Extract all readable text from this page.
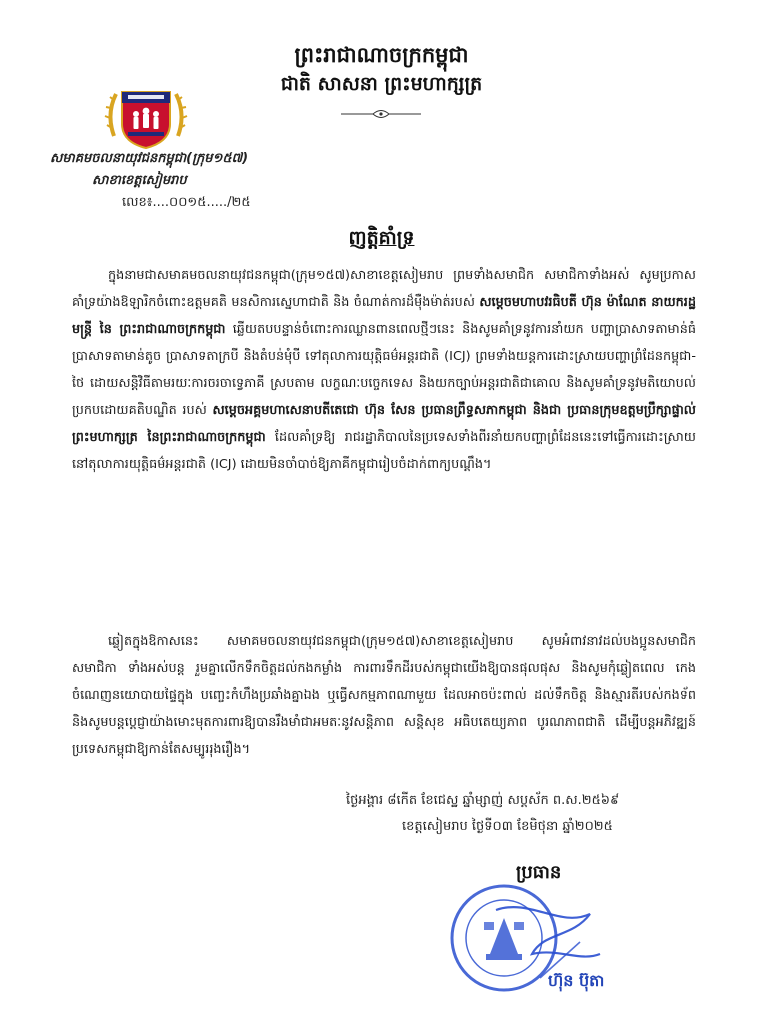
ព្រះរាជាណាចក្រកម្ពុជា
ជាតិ សាសនា ព្រះមហាក្សត្រ
សមាគមចលនាយុវជនកម្ពុជា(ក្រុម១៥៧)
សាខាខេត្តសៀមរាប
លេខ៖....០០១៥...../២៥
ញត្តិគាំទ្រ
ក្នុងនាមជាសមាគមចលនាយុវជនកម្ពុជា(ក្រុម១៥៧)សាខាខេត្តសៀមរាប ព្រមទាំងសមាជិក សមាជិកាទាំងអស់ សូមប្រកាសគាំទ្រយ៉ាងឱឡារិកចំពោះឧត្តមគតិ មនសិការស្នេហាជាតិ និង ចំណាត់ការដ៏ម៉ឺងម៉ាត់របស់ សម្តេចមហាបវរធិបតី ហ៊ុន ម៉ាណែត នាយករដ្ឋមន្ត្រី នៃ ព្រះរាជាណាចក្រកម្ពុជា ឆ្លើយតបបន្ទាន់ចំពោះការឈ្លានពានពេលថ្មីៗនេះ និងសូមគាំទ្រនូវការនាំយក បញ្ហាប្រាសាទតាមាន់ធំ ប្រាសាទតាមាន់តូច ប្រាសាទតាក្របី និងតំបន់មុំបី ទៅតុលាការយុត្តិធម៌អន្តរជាតិ (ICJ) ព្រមទាំងយន្តការដោះស្រាយបញ្ហាព្រំដែនកម្ពុជា-ថៃ ដោយសន្តិវិធីតាមរយៈការចរចាទ្វេភាគី ស្របតាម លក្ខណៈបច្ចេកទេស និងយកច្បាប់អន្តរជាតិជាគោល និងសូមគាំទ្រនូវមតិយោបល់ប្រកបដោយគតិបណ្ឌិត របស់ សម្តេចអគ្គមហាសេនាបតីតេជោ ហ៊ុន សែន ប្រធានព្រឹទ្ធសភាកម្ពុជា និងជា ប្រធានក្រុមឧត្តមប្រឹក្សាផ្ទាល់ព្រះមហាក្សត្រ នៃព្រះរាជាណាចក្រកម្ពុជា ដែលគាំទ្រឱ្យ រាជរដ្ឋាភិបាលនៃប្រទេសទាំងពីរនាំយកបញ្ហាព្រំដែននេះទៅធ្វើការដោះស្រាយនៅតុលាការយុត្តិធម៌អន្តរជាតិ (ICJ) ដោយមិនចាំបាច់ឱ្យភាគីកម្ពុជារៀបចំដាក់ពាក្យបណ្តឹង។
ឆ្លៀតក្នុងឱកាសនេះ សមាគមចលនាយុវជនកម្ពុជា(ក្រុម១៥៧)សាខាខេត្តសៀមរាប សូមអំពាវនាវដល់បងប្អូនសមាជិក សមាជិកា ទាំងអស់បន្ត រួមគ្នាលើកទឹកចិត្តដល់កងកម្លាំង ការពារទឹកដីរបស់កម្ពុជាយើងឱ្យបានផុលផុស និងសូមកុំឆ្លៀតពេល កេងចំណេញនយោបាយផ្ទៃក្នុង បញ្ចេះកំហឹងប្រឆាំងគ្នាឯង ឬធ្វើសកម្មភាពណាមួយ ដែលអាចប៉ះពាល់ ដល់ទឹកចិត្ត និងស្មារតីរបស់កងទ័ព និងសូមបន្តប្តេជ្ញាយ៉ាងមោះមុតការពារឱ្យបានរឹងមាំជាអមតៈនូវសន្តិភាព សន្តិសុខ អធិបតេយ្យភាព បូរណភាពជាតិ ដើម្បីបន្តអភិវឌ្ឍន៍ប្រទេសកម្ពុជាឱ្យកាន់តែសម្បូររុងរឿង។
ថ្ងៃអង្គារ ៨កើត ខែជេស្ឋ ឆ្នាំម្សាញ់ សប្តស័ក ព.ស.២៥៦៩
ខេត្តសៀមរាប ថ្ងៃទី០៣ ខែមិថុនា ឆ្នាំ២០២៥
ប្រធាន
ហ៊ុន ប៊ុតា
